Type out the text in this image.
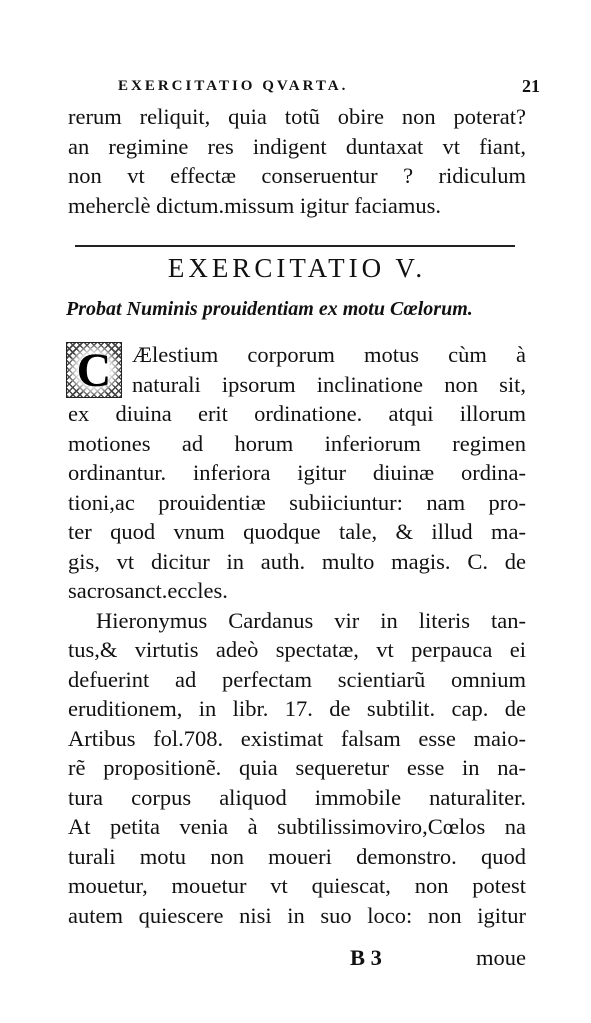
EXERCITATIO QVARTA.	21
rerum reliquit, quia totũ obire non poterat?
an regimine res indigent duntaxat vt fiant,
non vt effectæ conseruentur ? ridiculum
meherclè dictum.missum igitur faciamus.
EXERCITATIO V.
Probat Numinis prouidentiam ex motu Cœlorum.
C Ælestium corporum motus cùm à
naturali ipsorum inclinatione non sit,
ex diuina erit ordinatione. atqui illorum
motiones ad horum inferiorum regimen
ordinantur. inferiora igitur diuinæ ordina-
tioni,ac prouidentiæ subiiciuntur: nam pro-
ter quod vnum quodque tale, & illud ma-
gis, vt dicitur in auth. multo magis. C. de
sacrosanct.eccles.
Hieronymus Cardanus vir in literis tan-
tus,& virtutis adeò spectatæ, vt perpauca ei
defuerint ad perfectam scientiarũ omnium
eruditionem, in libr. 17. de subtilit. cap. de
Artibus fol.708. existimat falsam esse maio-
rẽ propositionẽ. quia sequeretur esse in na-
tura corpus aliquod immobile naturaliter.
At petita venia à subtilissimoviro,Cœlos na
turali motu non moueri demonstro. quod
mouetur, mouetur vt quiescat, non potest
autem quiescere nisi in suo loco: non igitur
B 3	moue
